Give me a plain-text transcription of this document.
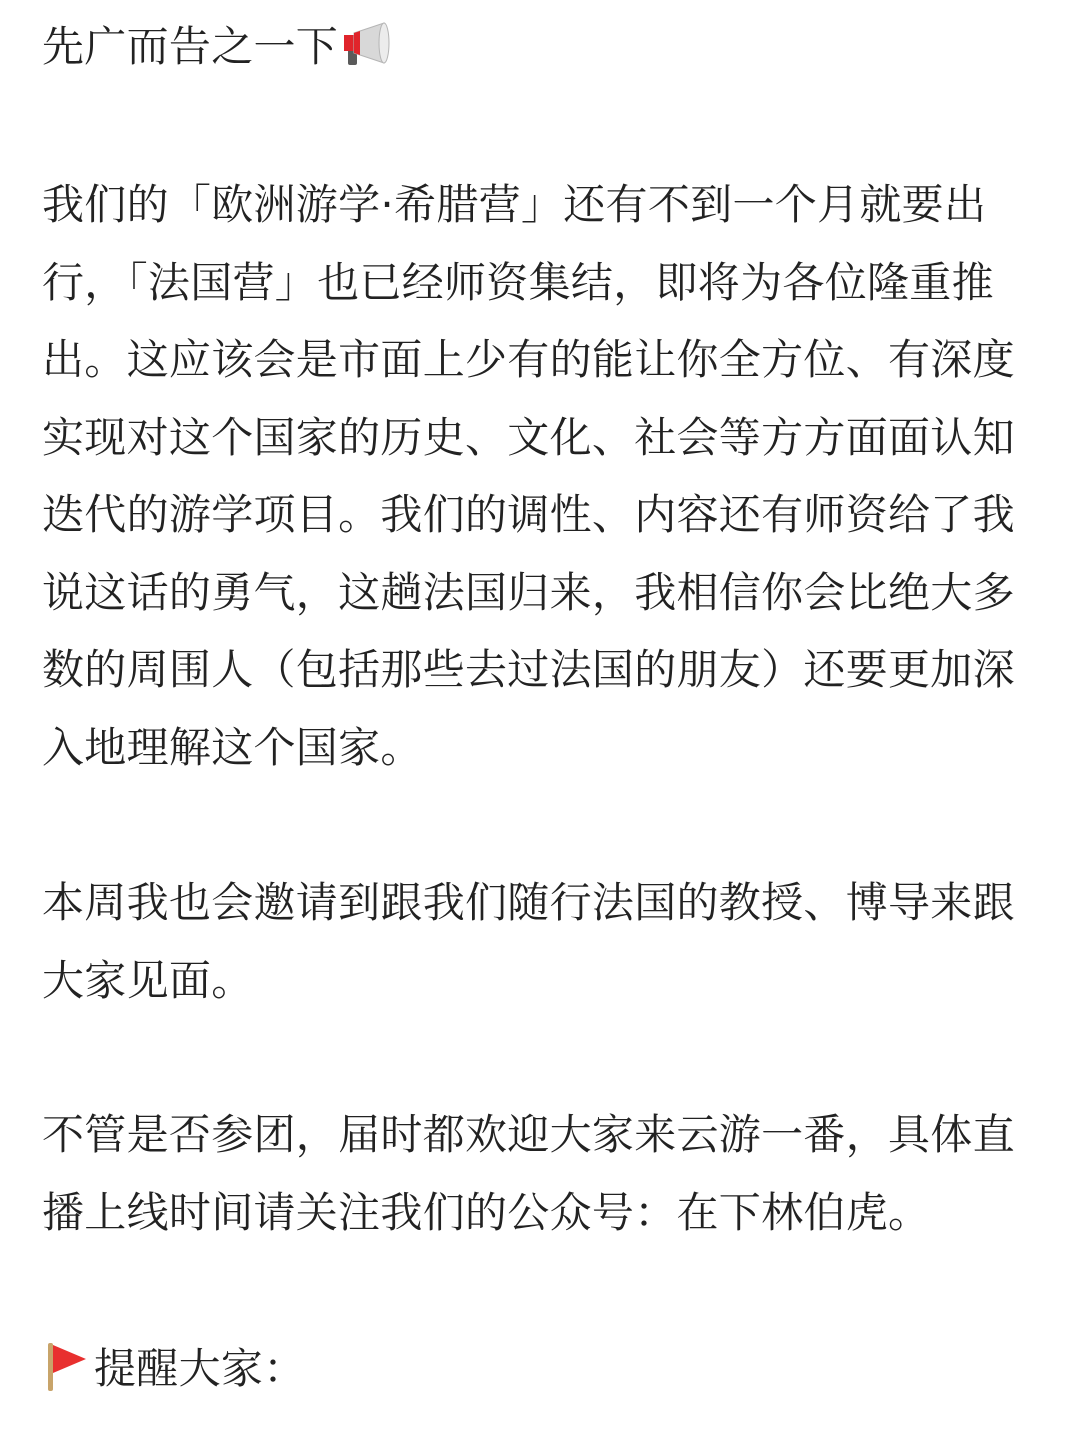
先广而告之一下

我们的「欧洲游学·希腊营」还有不到一个月就要出
行，「法国营」也已经师资集结，即将为各位隆重推
出。这应该会是市面上少有的能让你全方位、有深度
实现对这个国家的历史、文化、社会等方方面面认知
迭代的游学项目。我们的调性、内容还有师资给了我
说这话的勇气，这趟法国归来，我相信你会比绝大多
数的周围人（包括那些去过法国的朋友）还要更加深
入地理解这个国家。
本周我也会邀请到跟我们随行法国的教授、博导来跟
大家见面。
不管是否参团，届时都欢迎大家来云游一番，具体直
播上线时间请关注我们的公众号：在下林伯虎。

提醒大家：
